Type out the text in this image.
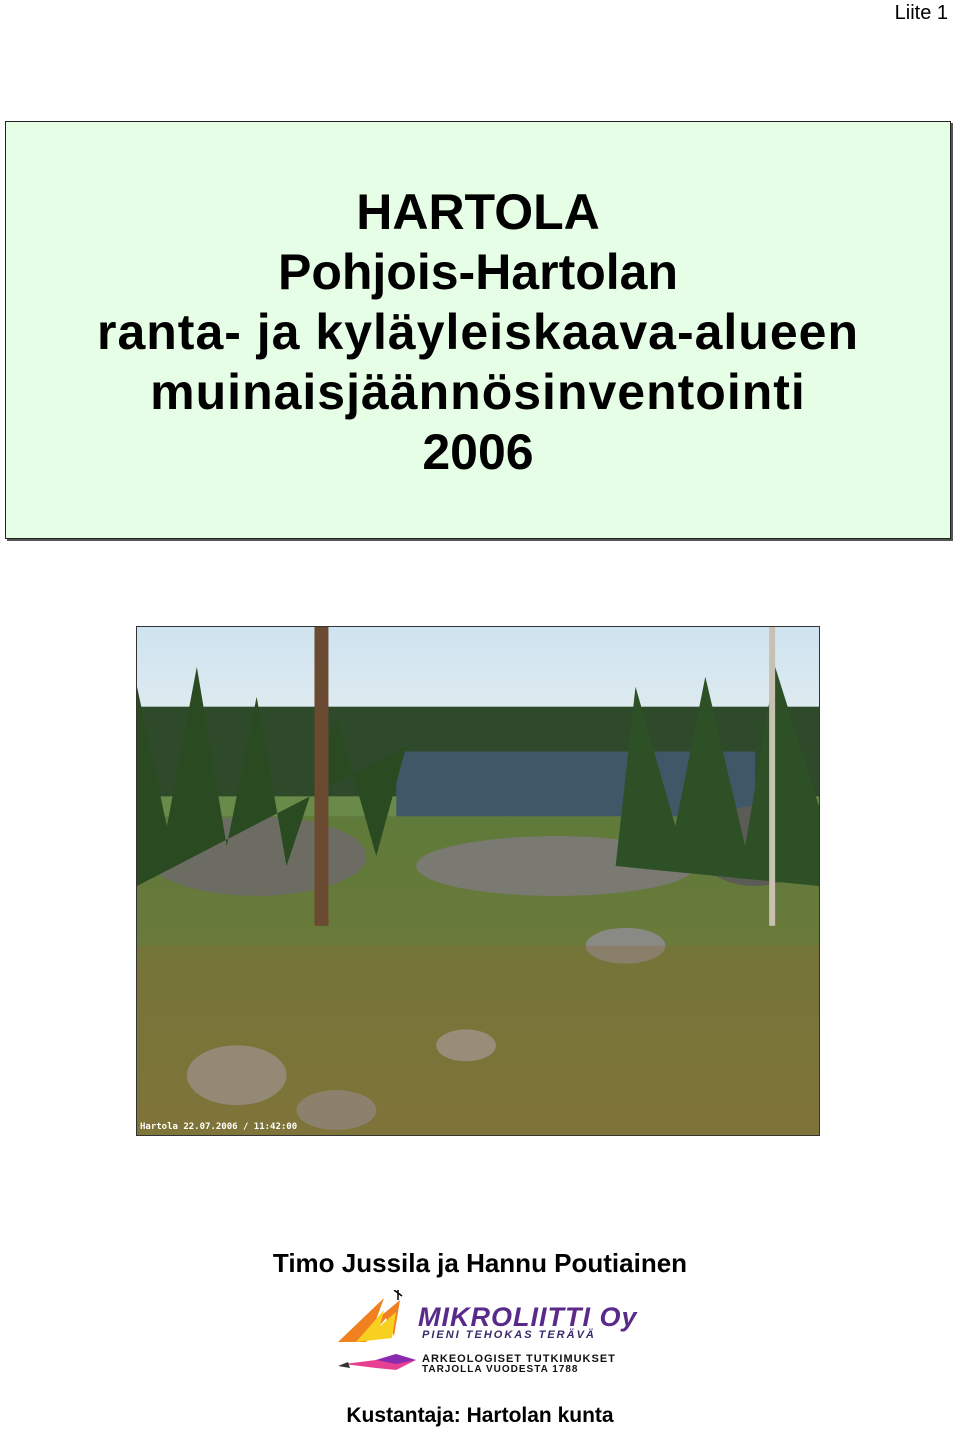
Liite 1
HARTOLA
Pohjois-Hartolan
ranta- ja kyläyleiskaava-alueen
muinaisjäännösinventointi
2006
Hartola 22.07.2006 / 11:42:00
Timo Jussila ja Hannu Poutiainen
MIKROLIITTI Oy
PIENI TEHOKAS TERÄVÄ
ARKEOLOGISET TUTKIMUKSET
TARJOLLA VUODESTA 1788
Kustantaja: Hartolan kunta
